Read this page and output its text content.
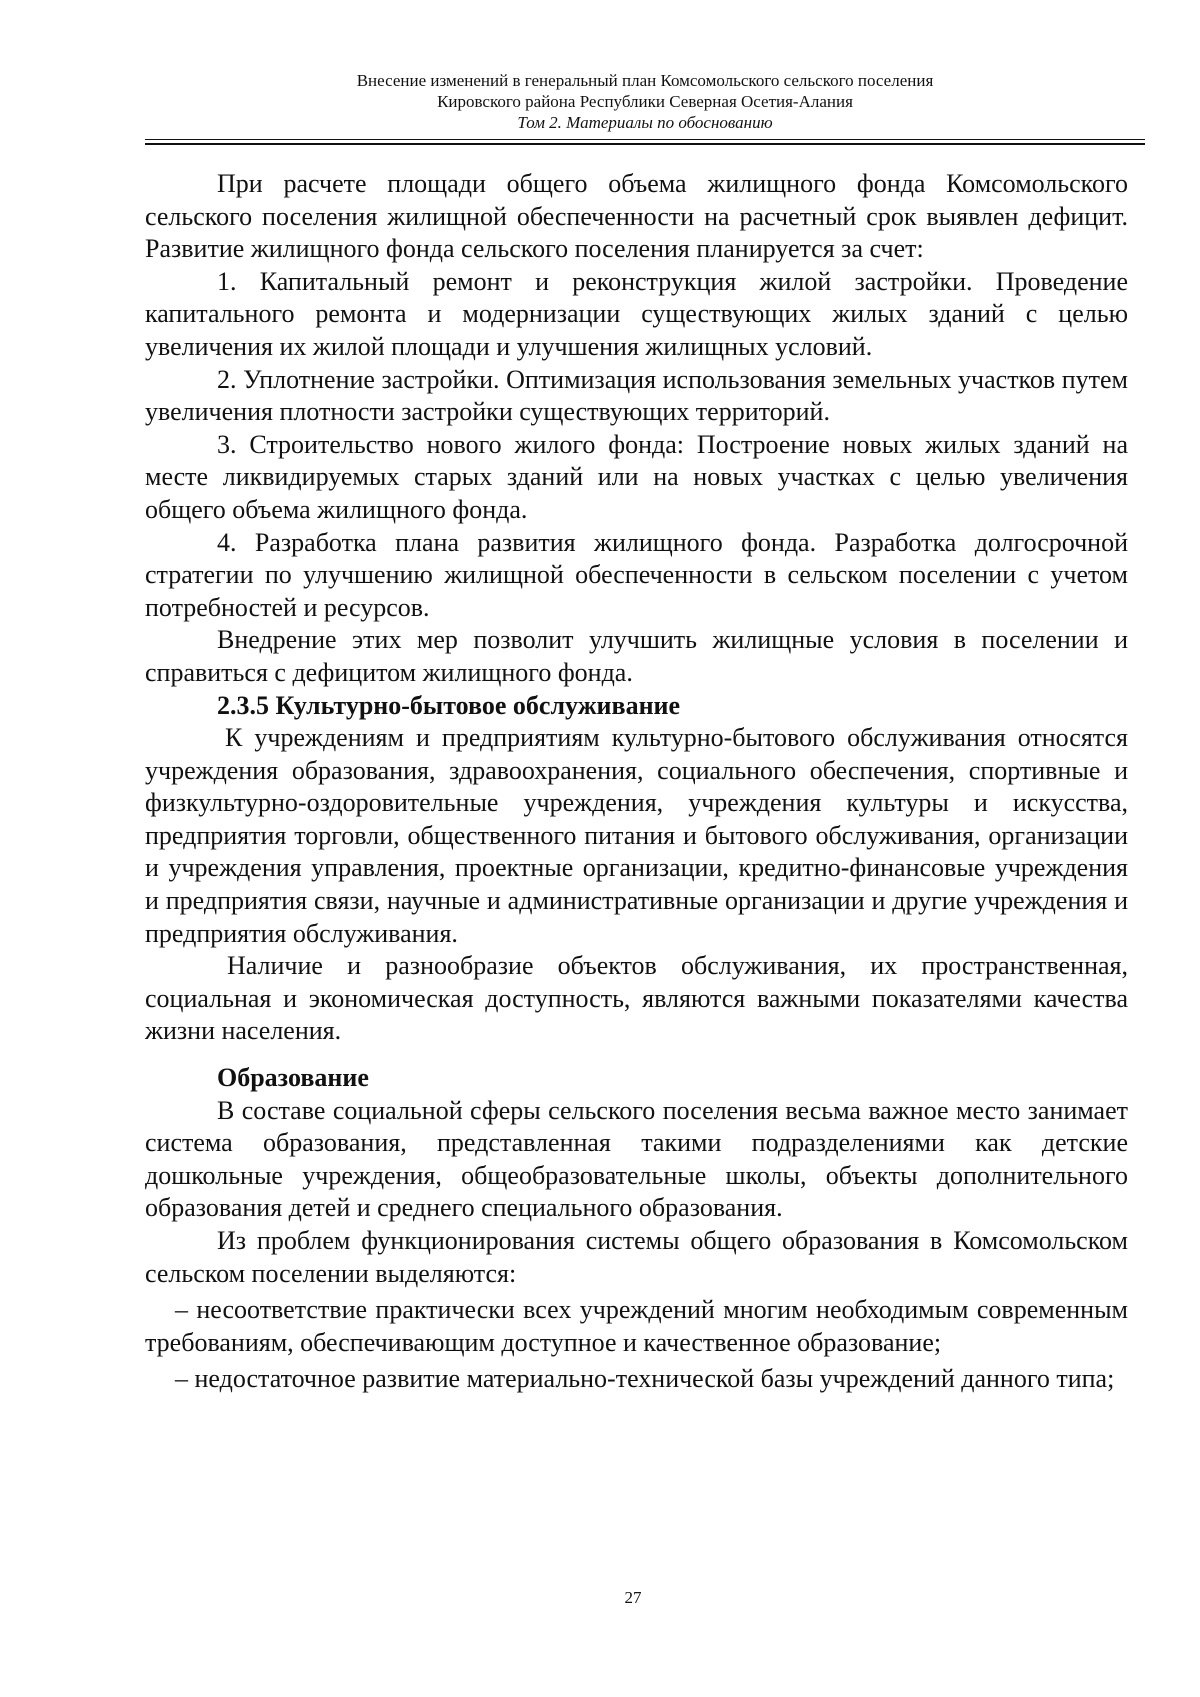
Внесение изменений в генеральный план Комсомольского сельского поселения
Кировского района Республики Северная Осетия-Алания
Том 2. Материалы по обоснованию

При расчете площади общего объема жилищного фонда Комсомольского сельского поселения жилищной обеспеченности на расчетный срок выявлен дефицит. Развитие жилищного фонда сельского поселения планируется за счет:

1. Капитальный ремонт и реконструкция жилой застройки. Проведение капитального ремонта и модернизации существующих жилых зданий с целью увеличения их жилой площади и улучшения жилищных условий.

2. Уплотнение застройки. Оптимизация использования земельных участков путем увеличения плотности застройки существующих территорий.

3. Строительство нового жилого фонда: Построение новых жилых зданий на месте ликвидируемых старых зданий или на новых участках с целью увеличения общего объема жилищного фонда.

4. Разработка плана развития жилищного фонда. Разработка долгосрочной стратегии по улучшению жилищной обеспеченности в сельском поселении с учетом потребностей и ресурсов.

Внедрение этих мер позволит улучшить жилищные условия в поселении и справиться с дефицитом жилищного фонда.

2.3.5 Культурно-бытовое обслуживание

К учреждениям и предприятиям культурно-бытового обслуживания относятся учреждения образования, здравоохранения, социального обеспечения, спортивные и физкультурно-оздоровительные учреждения, учреждения культуры и искусства, предприятия торговли, общественного питания и бытового обслуживания, организации и учреждения управления, проектные организации, кредитно-финансовые учреждения и предприятия связи, научные и административные организации и другие учреждения и предприятия обслуживания.

Наличие и разнообразие объектов обслуживания, их пространственная, социальная и экономическая доступность, являются важными показателями качества жизни населения.

Образование

В составе социальной сферы сельского поселения весьма важное место занимает система образования, представленная такими подразделениями как детские дошкольные учреждения, общеобразовательные школы, объекты дополнительного образования детей и среднего специального образования.

Из проблем функционирования системы общего образования в Комсомольском сельском поселении выделяются:

– несоответствие практически всех учреждений многим необходимым современным требованиям, обеспечивающим доступное и качественное образование;

– недостаточное развитие материально-технической базы учреждений данного типа;

27
